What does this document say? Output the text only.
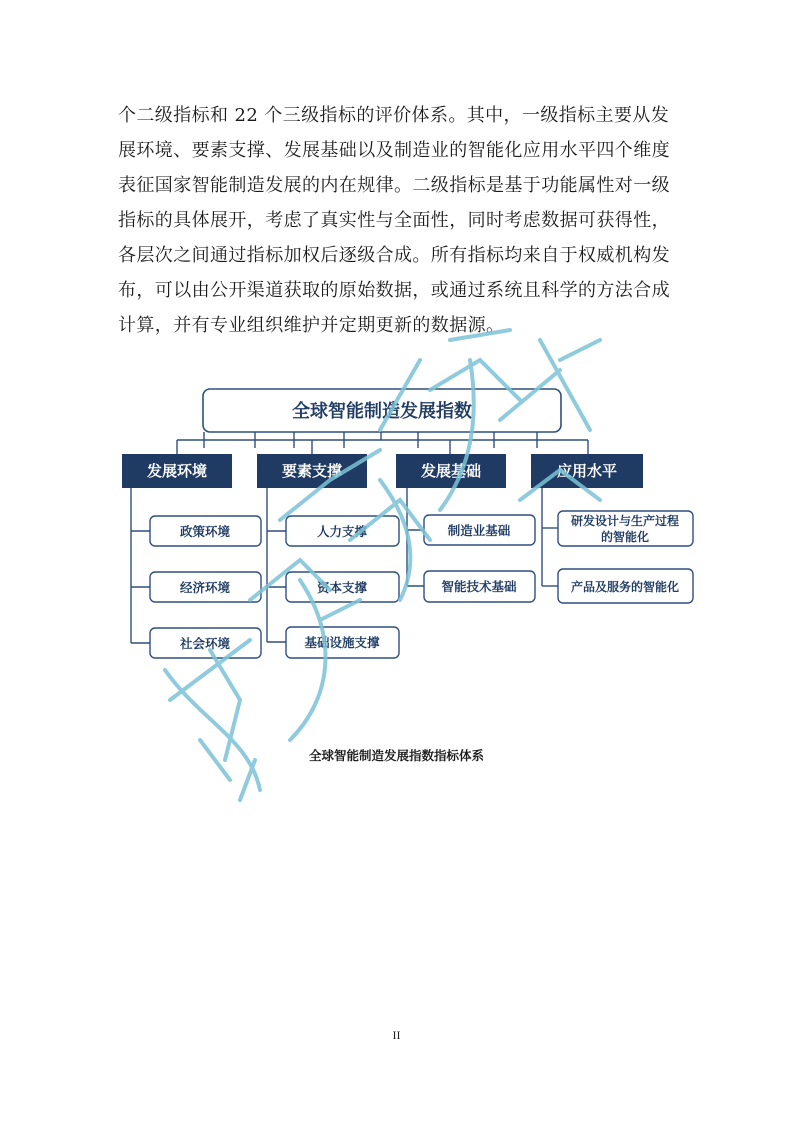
个二级指标和 22 个三级指标的评价体系。其中，一级指标主要从发
展环境、要素支撑、发展基础以及制造业的智能化应用水平四个维度
表征国家智能制造发展的内在规律。二级指标是基于功能属性对一级
指标的具体展开，考虑了真实性与全面性，同时考虑数据可获得性，
各层次之间通过指标加权后逐级合成。所有指标均来自于权威机构发
布，可以由公开渠道获取的原始数据，或通过系统且科学的方法合成
计算，并有专业组织维护并定期更新的数据源。
全球智能制造发展指数
发展环境	要素支撑	发展基础	应用水平
政策环境
经济环境
社会环境
人力支撑
资本支撑
基础设施支撑
制造业基础
智能技术基础
研发设计与生产过程
的智能化
产品及服务的智能化
全球智能制造发展指数指标体系
II
